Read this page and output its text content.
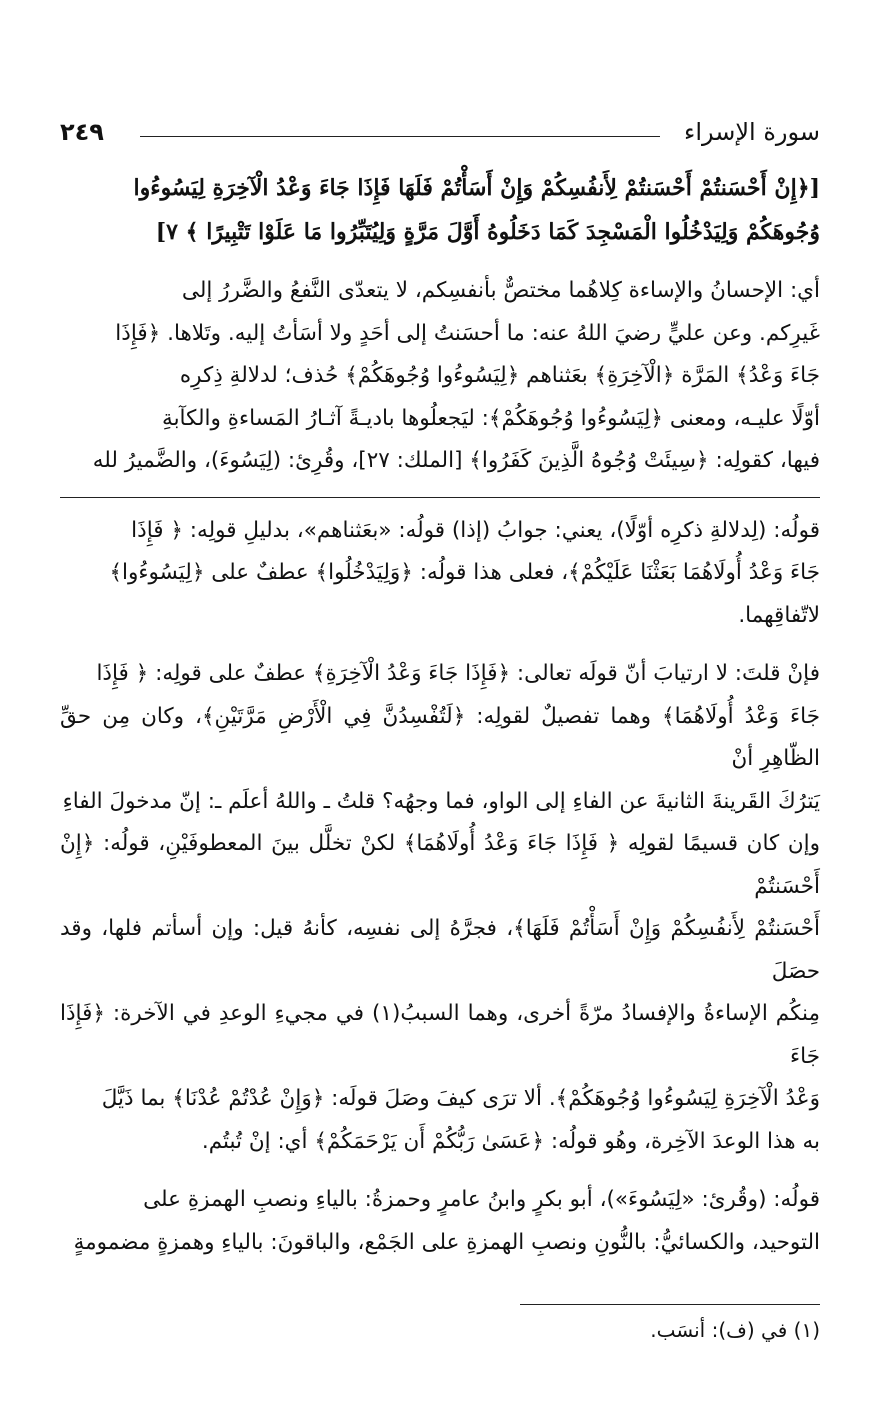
سورة الإسراء
٢٤٩

[﴿إِنْ أَحْسَنتُمْ أَحْسَنتُمْ لِأَنفُسِكُمْ وَإِنْ أَسَأْتُمْ فَلَهَا فَإِذَا جَاءَ وَعْدُ الْآخِرَةِ لِيَسُوءُوا

وُجُوهَكُمْ وَلِيَدْخُلُوا الْمَسْجِدَ كَمَا دَخَلُوهُ أَوَّلَ مَرَّةٍ وَلِيُتَبِّرُوا مَا عَلَوْا تَتْبِيرًا ﴾ ٧]

أي: الإحسانُ والإساءة كِلاهُما مختصٌّ بأنفسِكم، لا يتعدّى النَّفعُ والضَّررُ إلى

غَيرِكم. وعن عليٍّ رضيَ اللهُ عنه: ما أحسَنتُ إلى أحَدٍ ولا أسَأتُ إليه. وتَلاها. ﴿فَإِذَا

جَاءَ وَعْدُ﴾ المَرَّة ﴿الْآخِرَةِ﴾ بعَثناهم ﴿لِيَسُوءُوا وُجُوهَكُمْ﴾ حُذف؛ لدلالةِ ذِكرِه

أوّلًا عليـه، ومعنى ﴿لِيَسُوءُوا وُجُوهَكُمْ﴾: ليَجعلُوها باديـةً آثـارُ المَساءةِ والكآبةِ

فيها، كقولِه: ﴿سِيئَتْ وُجُوهُ الَّذِينَ كَفَرُوا﴾ [الملك: ٢٧]، وقُرِئ: (لِيَسُوءَ)، والضَّميرُ لله

قولُه: (لِدلالةِ ذكرِه أوّلًا)، يعني: جوابُ (إذا) قولُه: «بعَثناهم»، بدليلِ قولِه: ﴿ فَإِذَا

جَاءَ وَعْدُ أُولَاهُمَا بَعَثْنَا عَلَيْكُمْ﴾، فعلى هذا قولُه: ﴿وَلِيَدْخُلُوا﴾ عطفٌ على ﴿لِيَسُوءُوا﴾

لاتّفاقِهما.

فإنْ قلتَ: لا ارتيابَ أنّ قولَه تعالى: ﴿فَإِذَا جَاءَ وَعْدُ الْآخِرَةِ﴾ عطفٌ على قولِه: ﴿ فَإِذَا

جَاءَ وَعْدُ أُولَاهُمَا﴾ وهما تفصيلٌ لقولِه: ﴿لَتُفْسِدُنَّ فِي الْأَرْضِ مَرَّتَيْنِ﴾، وكان مِن حقِّ الظّاهِرِ أنْ

يَترُكَ القَرينةَ الثانيةَ عن الفاءِ إلى الواو، فما وجهُه؟ قلتُ ـ واللهُ أعلَم ـ: إنّ مدخولَ الفاءِ

وإن كان قسيمًا لقولِه ﴿ فَإِذَا جَاءَ وَعْدُ أُولَاهُمَا﴾ لكنْ تخلَّل بينَ المعطوفَيْنِ، قولُه: ﴿إِنْ أَحْسَنتُمْ

أَحْسَنتُمْ لِأَنفُسِكُمْ وَإِنْ أَسَأْتُمْ فَلَهَا﴾، فجرَّهُ إلى نفسِه، كأنهُ قيل: وإن أسأتم فلها، وقد حصَلَ

مِنكُم الإساءةُ والإفسادُ مرّةً أخرى، وهما السببُ(١) في مجيءِ الوعدِ في الآخرة: ﴿فَإِذَا جَاءَ

وَعْدُ الْآخِرَةِ لِيَسُوءُوا وُجُوهَكُمْ﴾. ألا ترَى كيفَ وصَلَ قولَه: ﴿وَإِنْ عُدْتُمْ عُدْنَا﴾ بما ذَيَّلَ

به هذا الوعدَ الآخِرة، وهُو قولُه: ﴿عَسَىٰ رَبُّكُمْ أَن يَرْحَمَكُمْ﴾ أي: إنْ تُبتُم.

قولُه: (وقُرئ: «لِيَسُوءَ»)، أبو بكرٍ وابنُ عامرٍ وحمزةُ: بالياءِ ونصبِ الهمزةِ على

التوحيد، والكسائيُّ: بالنُّونِ ونصبِ الهمزةِ على الجَمْع، والباقونَ: بالياءِ وهمزةٍ مضمومةٍ

(١) في (ف): أنسَب.
